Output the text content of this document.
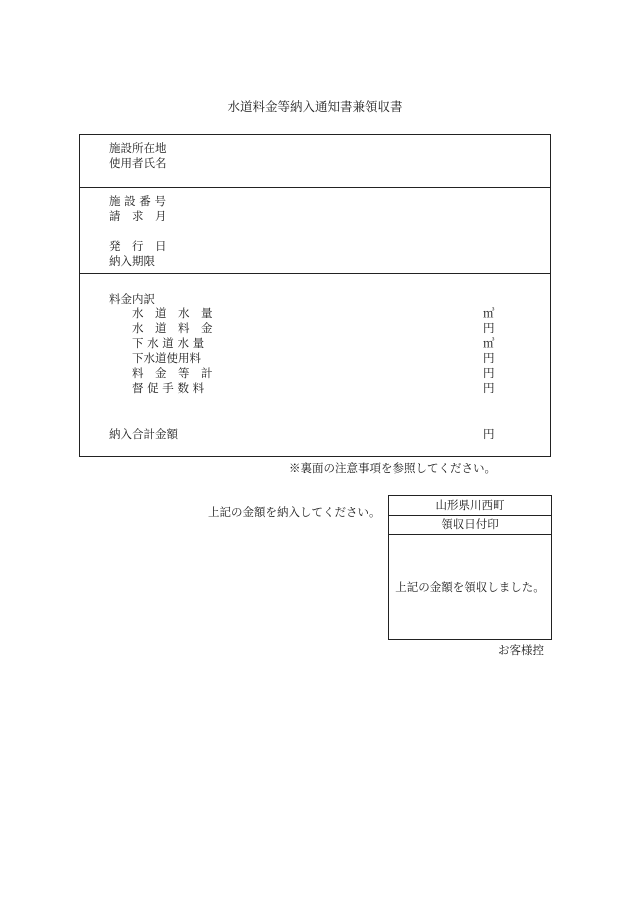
水道料金等納入通知書兼領収書
施設所在地
使用者氏名
施 設 番 号
請　求　月
発　行　日
納入期限
料金内訳
水　道　水　量	㎥
水　道　料　金	円
下 水 道 水 量	㎥
下水道使用料	円
料　金　等　計	円
督 促 手 数 料	円
納入合計金額	円
※裏面の注意事項を参照してください。
上記の金額を納入してください。	山形県川西町
領収日付印
上記の金額を領収しました。
お客様控
